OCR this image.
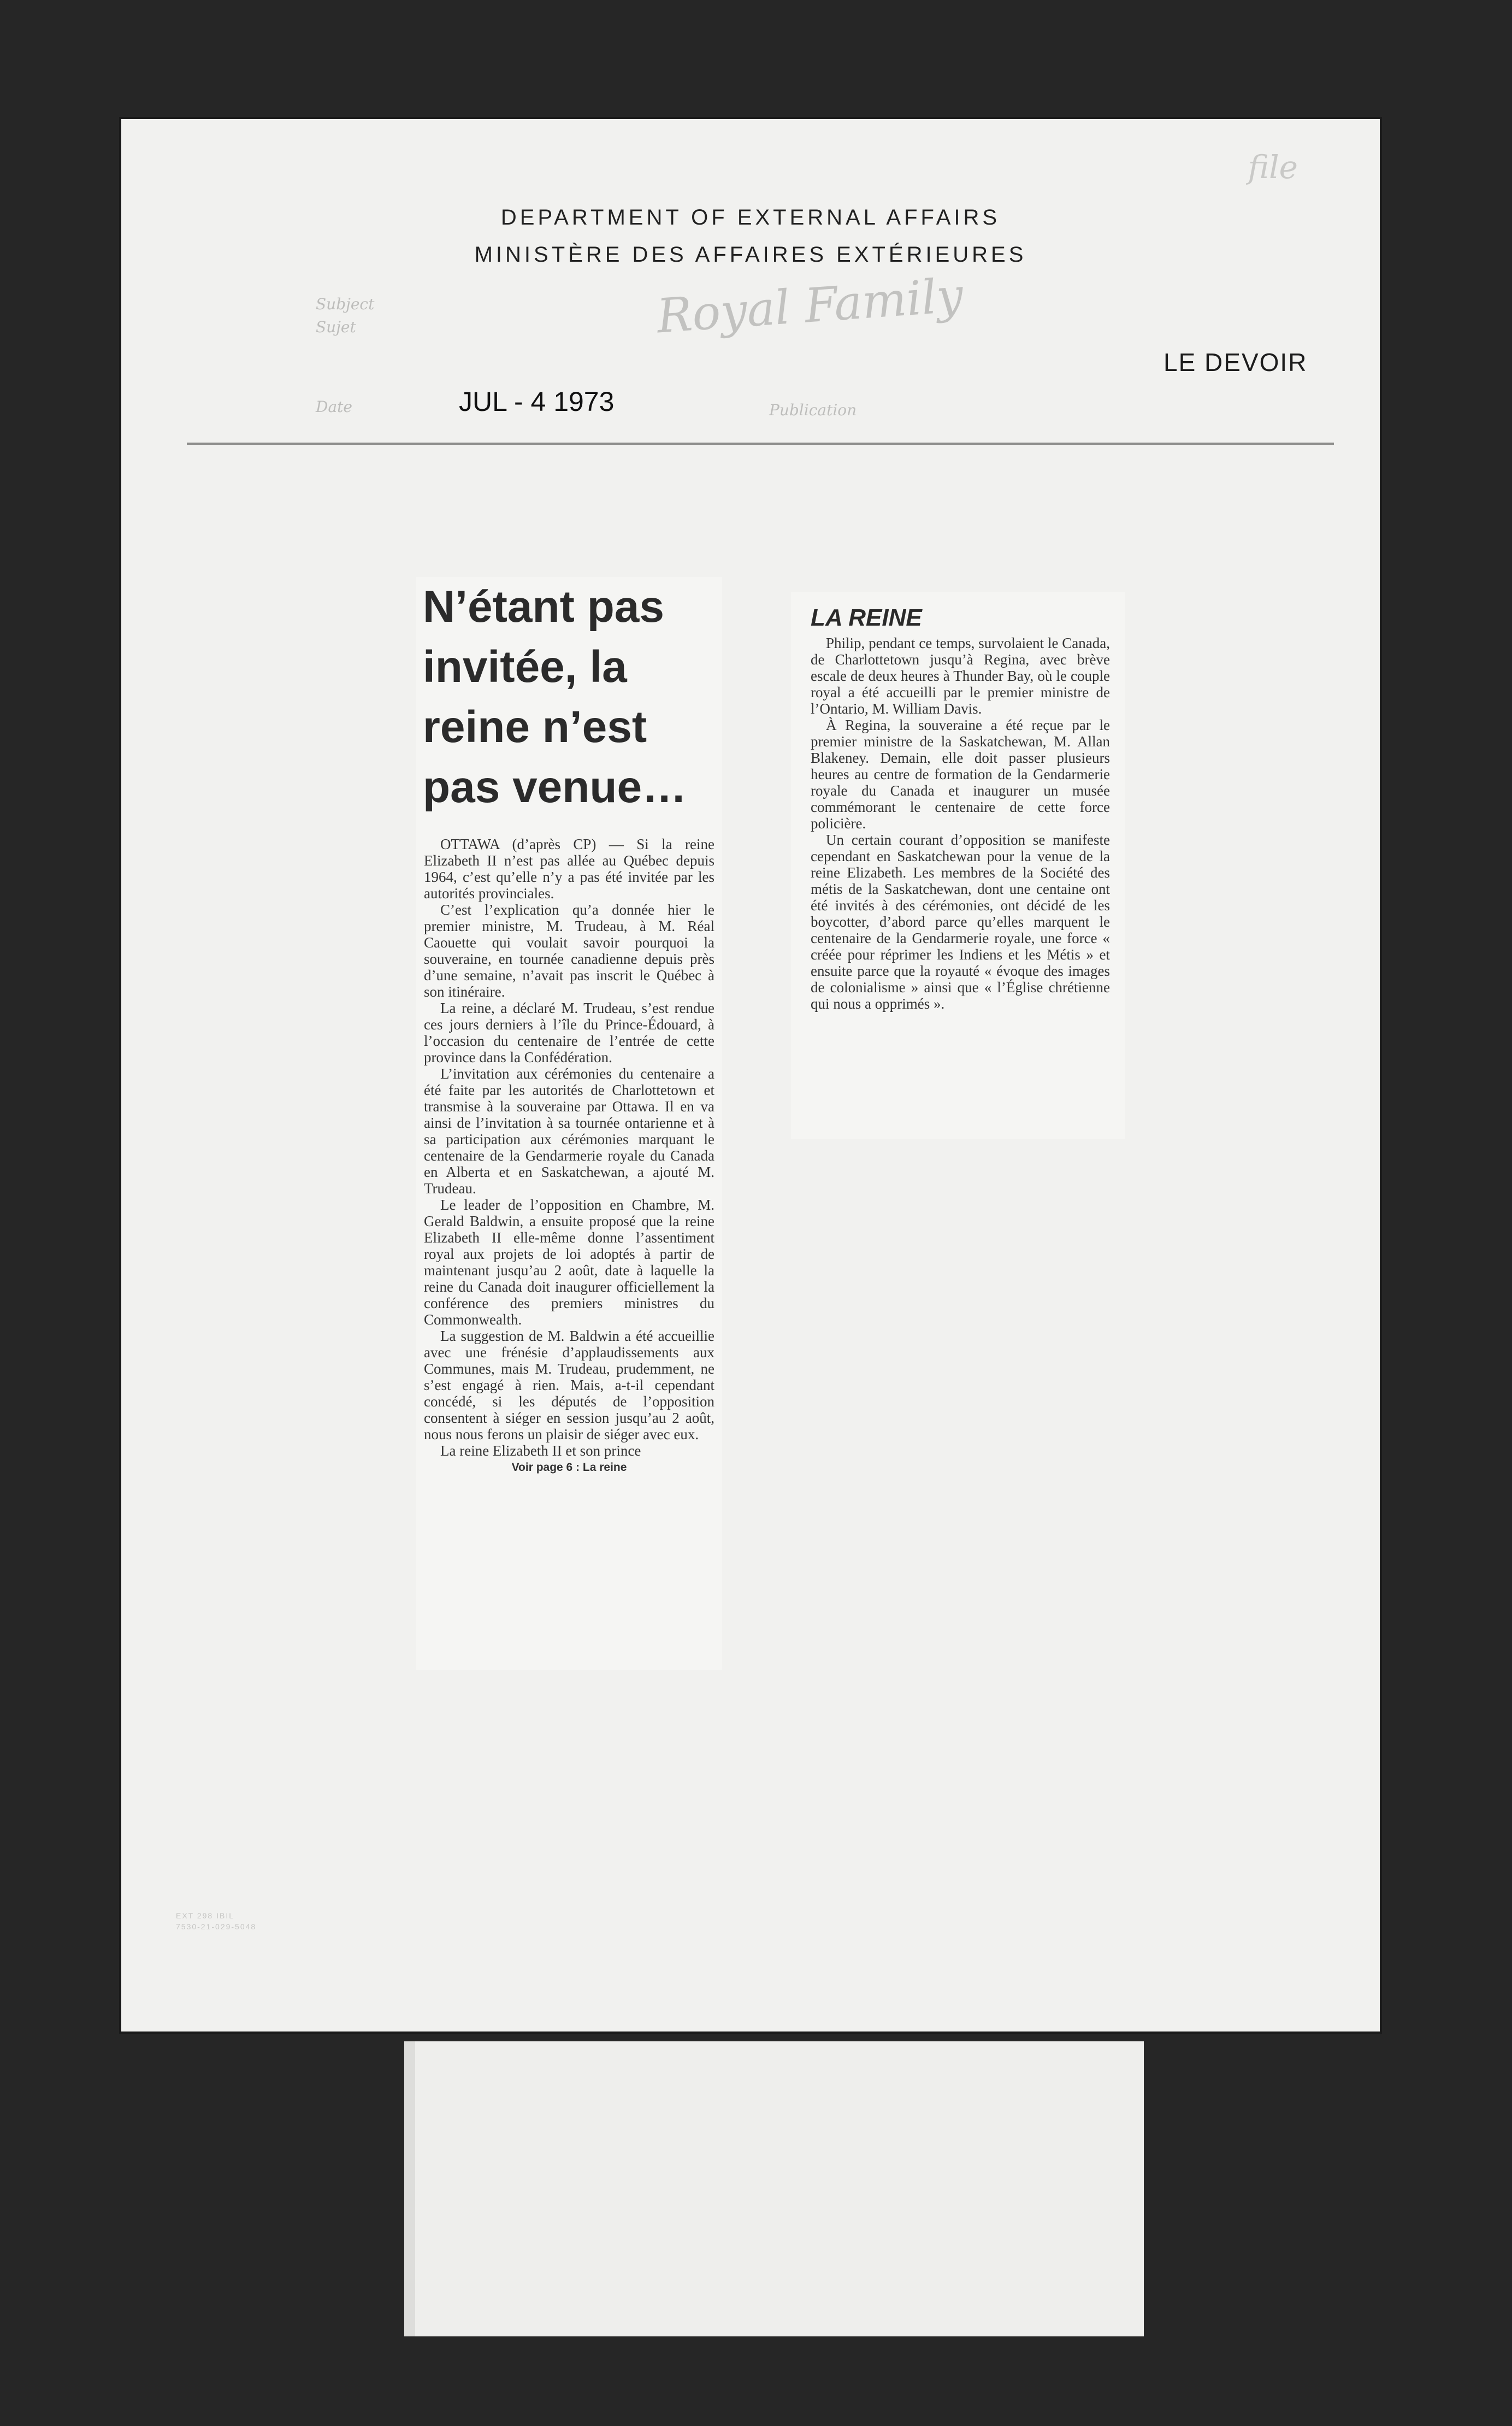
file
DEPARTMENT OF EXTERNAL AFFAIRS
MINISTÈRE DES AFFAIRES EXTÉRIEURES
Subject
Sujet	Royal Family
Date	JUL - 4 1973	Publication
LE DEVOIR
N’étant pas
invitée, la
reine n’est
pas venue…

OTTAWA (d’après CP) — Si la reine Elizabeth II n’est pas allée au Québec depuis 1964, c’est qu’elle n’y a pas été invitée par les autorités provinciales.

C’est l’explication qu’a donnée hier le premier ministre, M. Trudeau, à M. Réal Caouette qui voulait savoir pourquoi la souveraine, en tournée canadienne depuis près d’une semaine, n’avait pas inscrit le Québec à son itinéraire.

La reine, a déclaré M. Trudeau, s’est rendue ces jours derniers à l’île du Prince-Édouard, à l’occasion du centenaire de l’entrée de cette province dans la Confédération.

L’invitation aux cérémonies du centenaire a été faite par les autorités de Charlottetown et transmise à la souveraine par Ottawa. Il en va ainsi de l’invitation à sa tournée ontarienne et à sa participation aux cérémonies marquant le centenaire de la Gendarmerie royale du Canada en Alberta et en Saskatchewan, a ajouté M. Trudeau.

Le leader de l’opposition en Chambre, M. Gerald Baldwin, a ensuite proposé que la reine Elizabeth II elle-même donne l’assentiment royal aux projets de loi adoptés à partir de maintenant jusqu’au 2 août, date à laquelle la reine du Canada doit inaugurer officiellement la conférence des premiers ministres du Commonwealth.

La suggestion de M. Baldwin a été accueillie avec une frénésie d’applaudissements aux Communes, mais M. Trudeau, prudemment, ne s’est engagé à rien. Mais, a-t-il cependant concédé, si les députés de l’opposition consentent à siéger en session jusqu’au 2 août, nous nous ferons un plaisir de siéger avec eux.

La reine Elizabeth II et son prince

Voir page 6 : La reine
LA REINE

Philip, pendant ce temps, survolaient le Canada, de Charlottetown jusqu’à Regina, avec brève escale de deux heures à Thunder Bay, où le couple royal a été accueilli par le premier ministre de l’Ontario, M. William Davis.

À Regina, la souveraine a été reçue par le premier ministre de la Saskatchewan, M. Allan Blakeney. Demain, elle doit passer plusieurs heures au centre de formation de la Gendarmerie royale du Canada et inaugurer un musée commémorant le centenaire de cette force policière.

Un certain courant d’opposition se manifeste cependant en Saskatchewan pour la venue de la reine Elizabeth. Les membres de la Société des métis de la Saskatchewan, dont une centaine ont été invités à des cérémonies, ont décidé de les boycotter, d’abord parce qu’elles marquent le centenaire de la Gendarmerie royale, une force « créée pour réprimer les Indiens et les Métis » et ensuite parce que la royauté « évoque des images de colonialisme » ainsi que « l’Église chrétienne qui nous a opprimés ».

EXT 298 IBIL
7530-21-029-5048
